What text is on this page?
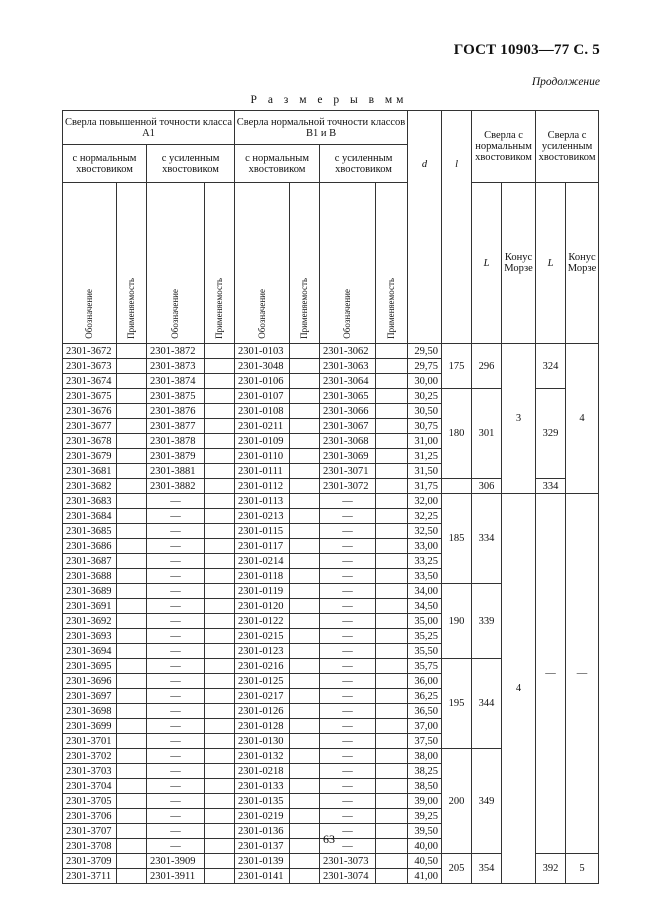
ГОСТ 10903—77 С. 5
Продолжение
Р а з м е р ы в мм
Сверла повышенной точности класса А1				Сверла нормальной точности классов В1 и В				d	l	Сверла с нормальным хвостовиком		Сверла с усиленным хвостовиком	
с нормальным хвостовиком		с усиленным хвостовиком		с нормальным хвостовиком		с усиленным хвостовиком							

Обозначение	Применяемость	Обозначение	Применяемость	Обозначение	Применяемость	Обозначение	Применяемость			L	Конус Морзе	L	Конус Морзе
2301-3672		2301-3872		2301-0103		2301-3062		29,50	175	296	3	324	4
2301-3673		2301-3873		2301-3048		2301-3063		29,75					
2301-3674		2301-3874		2301-0106		2301-3064		30,00					
2301-3675		2301-3875		2301-0107		2301-3065		30,25	180	301		329	
2301-3676		2301-3876		2301-0108		2301-3066		30,50					
2301-3677		2301-3877		2301-0211		2301-3067		30,75					
2301-3678		2301-3878		2301-0109		2301-3068		31,00					
2301-3679		2301-3879		2301-0110		2301-3069		31,25					
2301-3681		2301-3881		2301-0111		2301-3071		31,50					
2301-3682		2301-3882		2301-0112		2301-3072		31,75		306		334	
2301-3683		—		2301-0113		—		32,00	185	334	4	—	—
2301-3684		—		2301-0213		—		32,25					
2301-3685		—		2301-0115		—		32,50					
2301-3686		—		2301-0117		—		33,00					
2301-3687		—		2301-0214		—		33,25					
2301-3688		—		2301-0118		—		33,50					
2301-3689		—		2301-0119		—		34,00	190	339			
2301-3691		—		2301-0120		—		34,50					
2301-3692		—		2301-0122		—		35,00					
2301-3693		—		2301-0215		—		35,25					
2301-3694		—		2301-0123		—		35,50					
2301-3695		—		2301-0216		—		35,75	195	344			
2301-3696		—		2301-0125		—		36,00					
2301-3697		—		2301-0217		—		36,25					
2301-3698		—		2301-0126		—		36,50					
2301-3699		—		2301-0128		—		37,00					
2301-3701		—		2301-0130		—		37,50					
2301-3702		—		2301-0132		—		38,00	200	349			
2301-3703		—		2301-0218		—		38,25					
2301-3704		—		2301-0133		—		38,50					
2301-3705		—		2301-0135		—		39,00					
2301-3706		—		2301-0219		—		39,25					
2301-3707		—		2301-0136		—		39,50					
2301-3708		—		2301-0137		—		40,00					
2301-3709		2301-3909		2301-0139		2301-3073		40,50	205	354		392	5
2301-3711		2301-3911		2301-0141		2301-3074		41,00					
63
